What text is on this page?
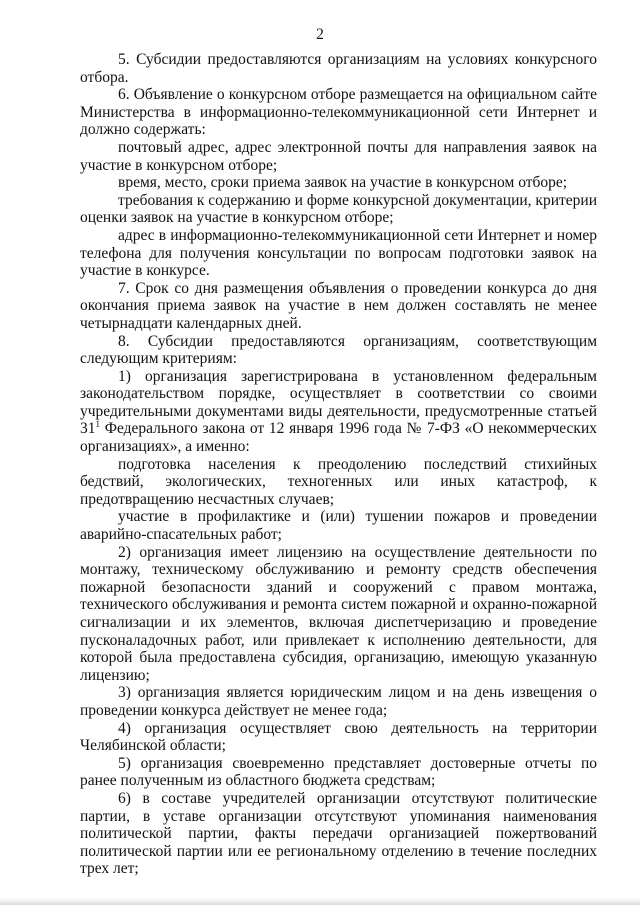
2

5. Субсидии предоставляются организациям на условиях конкурсного отбора.

6. Объявление о конкурсном отборе размещается на официальном сайте Министерства в информационно-телекоммуникационной сети Интернет и должно содержать:

почтовый адрес, адрес электронной почты для направления заявок на участие в конкурсном отборе;

время, место, сроки приема заявок на участие в конкурсном отборе;

требования к содержанию и форме конкурсной документации, критерии оценки заявок на участие в конкурсном отборе;

адрес в информационно-телекоммуникационной сети Интернет и номер телефона для получения консультации по вопросам подготовки заявок на участие в конкурсе.

7. Срок со дня размещения объявления о проведении конкурса до дня окончания приема заявок на участие в нем должен составлять не менее четырнадцати календарных дней.

8. Субсидии предоставляются организациям, соответствующим следующим критериям:

1) организация зарегистрирована в установленном федеральным законодательством порядке, осуществляет в соответствии со своими учредительными документами виды деятельности, предусмотренные статьей $31^1$ Федерального закона от 12 января 1996 года № 7-ФЗ «О некоммерческих организациях», а именно:

подготовка населения к преодолению последствий стихийных бедствий, экологических, техногенных или иных катастроф, к предотвращению несчастных случаев;

участие в профилактике и (или) тушении пожаров и проведении аварийно-спасательных работ;

2) организация имеет лицензию на осуществление деятельности по монтажу, техническому обслуживанию и ремонту средств обеспечения пожарной безопасности зданий и сооружений с правом монтажа, технического обслуживания и ремонта систем пожарной и охранно-пожарной сигнализации и их элементов, включая диспетчеризацию и проведение пусконаладочных работ, или привлекает к исполнению деятельности, для которой была предоставлена субсидия, организацию, имеющую указанную лицензию;

3) организация является юридическим лицом и на день извещения о проведении конкурса действует не менее года;

4) организация осуществляет свою деятельность на территории Челябинской области;

5) организация своевременно представляет достоверные отчеты по ранее полученным из областного бюджета средствам;

6) в составе учредителей организации отсутствуют политические партии, в уставе организации отсутствуют упоминания наименования политической партии, факты передачи организацией пожертвований политической партии или ее региональному отделению в течение последних трех лет;
